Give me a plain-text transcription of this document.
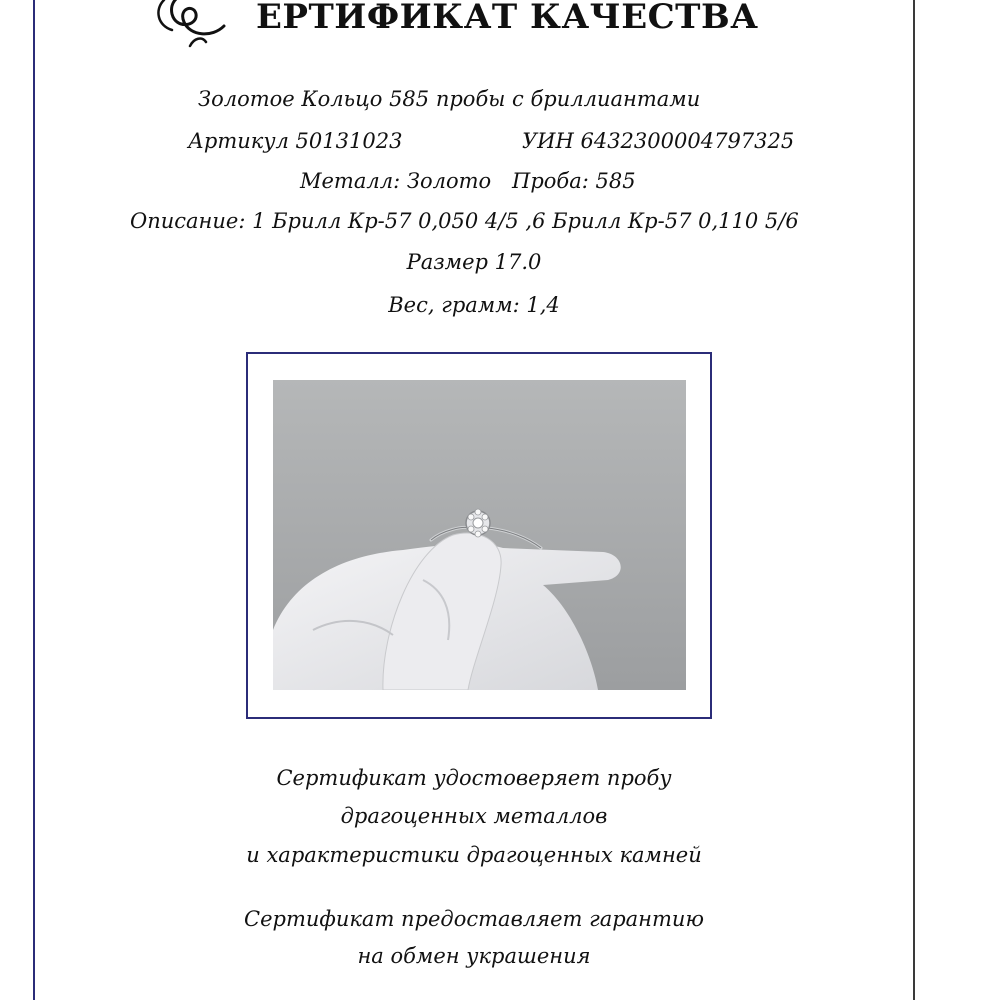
ЕРТИФИКАТ КАЧЕСТВА

Золотое Кольцо 585 пробы с бриллиантами

Артикул 50131023	УИН 6432300004797325

Металл: Золото Проба: 585

Описание: 1 Брилл Кр-57 0,050 4/5 ,6 Брилл Кр-57 0,110 5/6

Размер 17.0

Вес, грамм: 1,4

Сертификат удостоверяет пробу

драгоценных металлов

и характеристики драгоценных камней

Сертификат предоставляет гарантию

на обмен украшения
